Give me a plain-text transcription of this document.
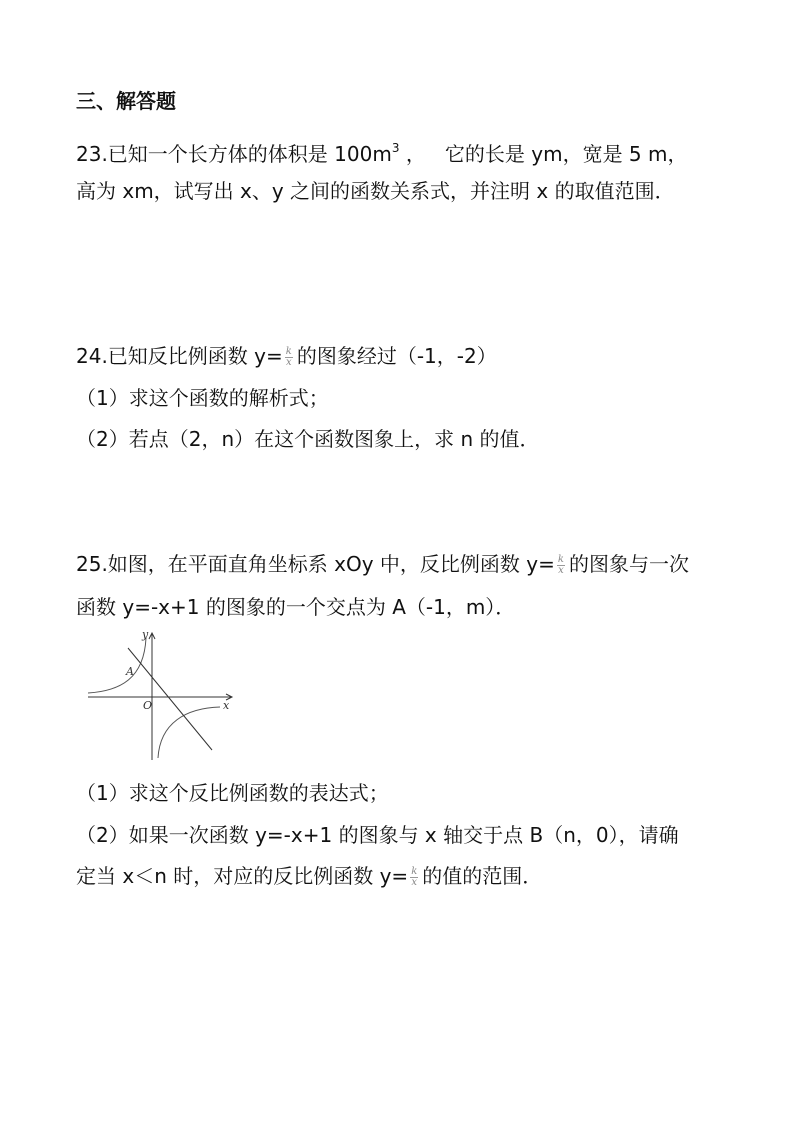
三、解答题
23.已知一个长方体的体积是 $100m^3$ ，   它的长是 ym，宽是 5 m，
高为 xm，试写出 x、y 之间的函数关系式，并注明 x 的取值范围．
24.已知反比例函数 $y= \frac{k}{x}$ 的图象经过（-1，-2）
（1）求这个函数的解析式；
（2）若点（2，n）在这个函数图象上，求 n 的值．
25.如图，在平面直角坐标系 xOy 中，反比例函数 $y= \frac{k}{x}$ 的图象与一次
函数 y=-x+1 的图象的一个交点为 A（-1，m）．
y
x
O
A
（1）求这个反比例函数的表达式；
（2）如果一次函数 y=-x+1 的图象与 x 轴交于点 B（n，0），请确
定当 x＜n 时，对应的反比例函数 $y= \frac{k}{x}$ 的值的范围．
